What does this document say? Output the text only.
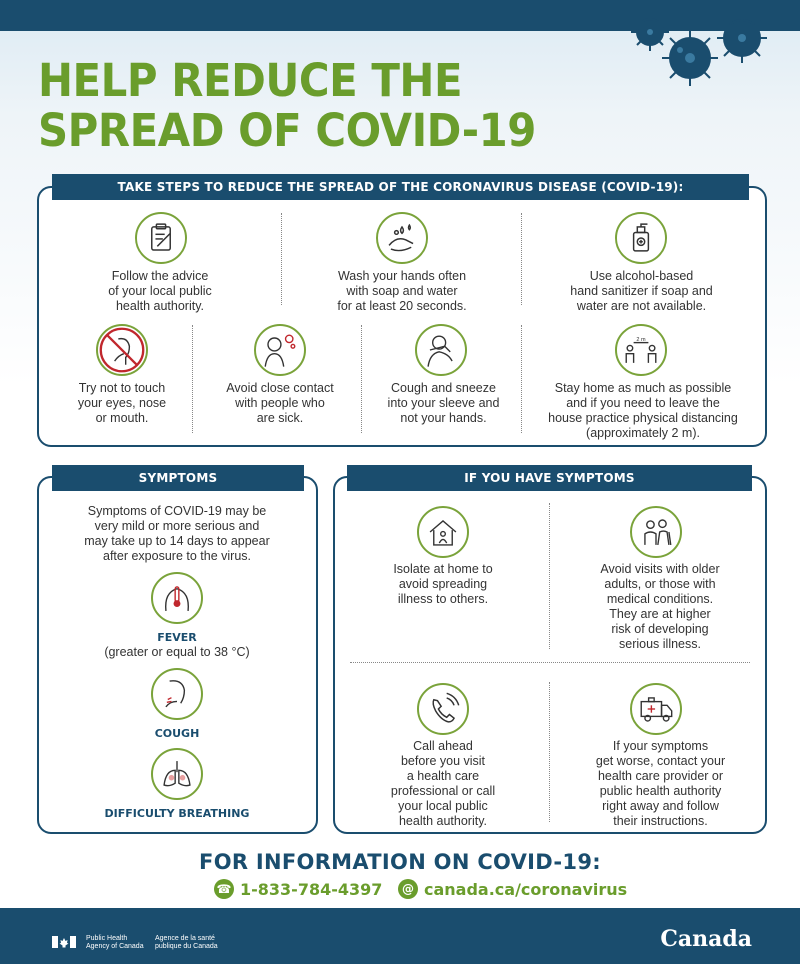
HELP REDUCE THE
SPREAD OF COVID-19
TAKE STEPS TO REDUCE THE SPREAD OF THE CORONAVIRUS DISEASE (COVID-19):
Follow the advice
of your local public
health authority.
Wash your hands often
with soap and water
for at least 20 seconds.
Use alcohol-based
hand sanitizer if soap and
water are not available.
2 m
Try not to touch
your eyes, nose
or mouth.
Avoid close contact
with people who
are sick.
Cough and sneeze
into your sleeve and
not your hands.
Stay home as much as possible
and if you need to leave the
house practice physical distancing
(approximately 2 m).
SYMPTOMS
Symptoms of COVID-19 may be
very mild or more serious and
may take up to 14 days to appear
after exposure to the virus.
FEVER
(greater or equal to 38 °C)
COUGH
DIFFICULTY BREATHING
IF YOU HAVE SYMPTOMS
Isolate at home to
avoid spreading
illness to others.
Avoid visits with older
adults, or those with
medical conditions.
They are at higher
risk of developing
serious illness.
Call ahead
before you visit
a health care
professional or call
your local public
health authority.
If your symptoms
get worse, contact your
health care provider or
public health authority
right away and follow
their instructions.
FOR INFORMATION ON COVID-19:
☎ 1-833-784-4397	@ canada.ca/coronavirus
Public Health
Agency of Canada
Agence de la santé
publique du Canada	Canada
